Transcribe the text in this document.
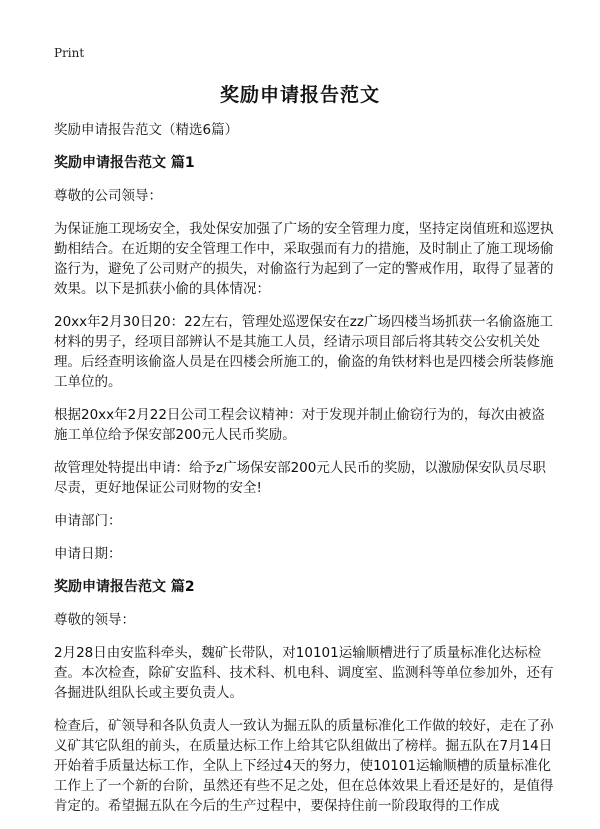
Print
奖励申请报告范文

奖励申请报告范文（精选6篇）

奖励申请报告范文 篇1

尊敬的公司领导：

为保证施工现场安全，我处保安加强了广场的安全管理力度，坚持定岗值班和巡逻执勤相结合。在近期的安全管理工作中，采取强而有力的措施，及时制止了施工现场偷盗行为，避免了公司财产的损失，对偷盗行为起到了一定的警戒作用，取得了显著的效果。以下是抓获小偷的具体情况：

20xx年2月30日20：22左右，管理处巡逻保安在zz广场四楼当场抓获一名偷盗施工材料的男子，经项目部辨认不是其施工人员，经请示项目部后将其转交公安机关处理。后经查明该偷盗人员是在四楼会所施工的，偷盗的角铁材料也是四楼会所装修施工单位的。

根据20xx年2月22日公司工程会议精神：对于发现并制止偷窃行为的，每次由被盗施工单位给予保安部200元人民币奖励。

故管理处特提出申请：给予z广场保安部200元人民币的奖励，以激励保安队员尽职尽责，更好地保证公司财物的安全!

申请部门：

申请日期：

奖励申请报告范文 篇2

尊敬的领导：

2月28日由安监科牵头，魏矿长带队，对10101运输顺槽进行了质量标准化达标检查。本次检查，除矿安监科、技术科、机电科、调度室、监测科等单位参加外，还有各掘进队组队长或主要负责人。

检查后，矿领导和各队负责人一致认为掘五队的质量标准化工作做的较好，走在了孙义矿其它队组的前头，在质量达标工作上给其它队组做出了榜样。掘五队在7月14日开始着手质量达标工作，全队上下经过4天的努力，使10101运输顺槽的质量标准化工作上了一个新的台阶，虽然还有些不足之处，但在总体效果上看还是好的，是值得肯定的。希望掘五队在今后的生产过程中，要保持住前一阶段取得的工作成
